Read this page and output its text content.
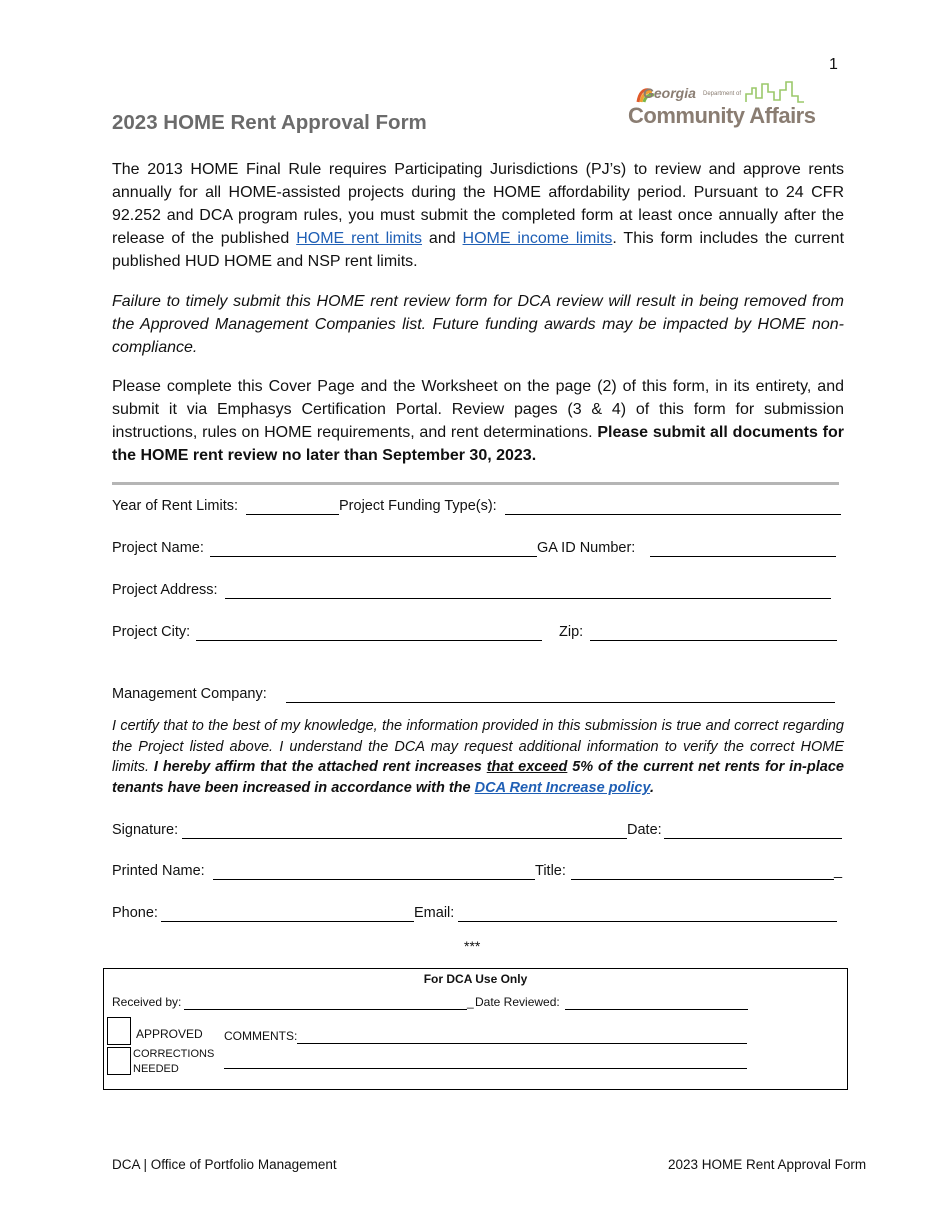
1
Georgia Department of
Community Affairs
2023 HOME Rent Approval Form
The 2013 HOME Final Rule requires Participating Jurisdictions (PJ’s) to review and approve rents annually for all HOME-assisted projects during the HOME affordability period. Pursuant to 24 CFR 92.252 and DCA program rules, you must submit the completed form at least once annually after the release of the published HOME rent limits and HOME income limits. This form includes the current published HUD HOME and NSP rent limits.
Failure to timely submit this HOME rent review form for DCA review will result in being removed from the Approved Management Companies list. Future funding awards may be impacted by HOME non-compliance.
Please complete this Cover Page and the Worksheet on the page (2) of this form, in its entirety, and submit it via Emphasys Certification Portal. Review pages (3 & 4) of this form for submission instructions, rules on HOME requirements, and rent determinations. Please submit all documents for the HOME rent review no later than September 30, 2023.
Year of Rent Limits:	Project Funding Type(s):
Project Name:	GA ID Number:
Project Address:
Project City:	Zip:
Management Company:
I certify that to the best of my knowledge, the information provided in this submission is true and correct regarding the Project listed above. I understand the DCA may request additional information to verify the correct HOME limits. I hereby affirm that the attached rent increases that exceed 5% of the current net rents for in-place tenants have been increased in accordance with the DCA Rent Increase policy.
Signature:	Date:
Printed Name:	Title:	_
Phone:	Email:
***
For DCA Use Only
Received by:	_ Date Reviewed:
APPROVED
CORRECTIONS
NEEDED
COMMENTS:
DCA | Office of Portfolio Management	2023 HOME Rent Approval Form
